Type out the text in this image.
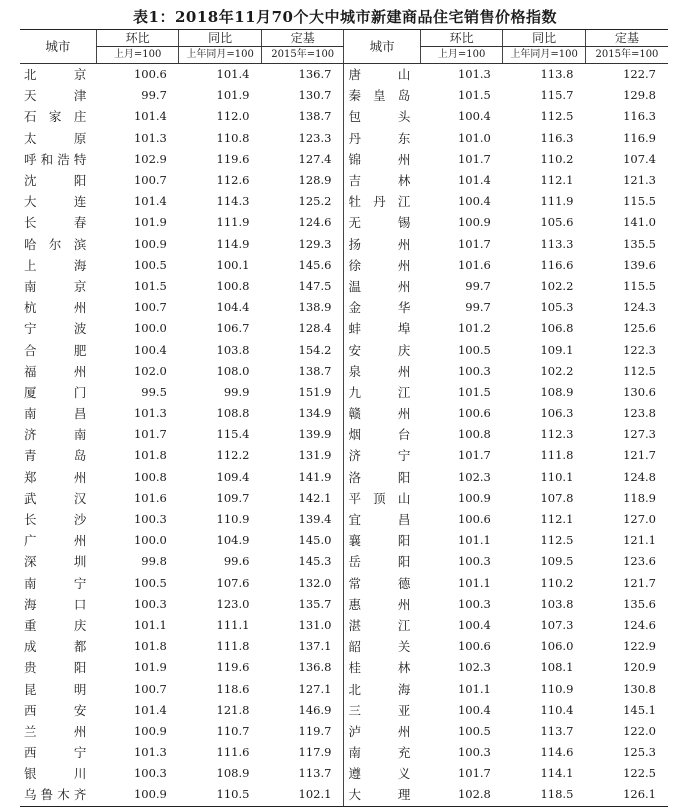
表1：2018年11月70个大中城市新建商品住宅销售价格指数
城市	环比	同比	定基	城市	环比	同比	定基
	上月=100	上年同月=100	2015年=100		上月=100	上年同月=100	2015年=100
北京	100.6	101.4	136.7	唐山	101.3	113.8	122.7
天津	99.7	101.9	130.7	秦皇岛	101.5	115.7	129.8
石家庄	101.4	112.0	138.7	包头	100.4	112.5	116.3
太原	101.3	110.8	123.3	丹东	101.0	116.3	116.9
呼和浩特	102.9	119.6	127.4	锦州	101.7	110.2	107.4
沈阳	100.7	112.6	128.9	吉林	101.4	112.1	121.3
大连	101.4	114.3	125.2	牡丹江	100.4	111.9	115.5
长春	101.9	111.9	124.6	无锡	100.9	105.6	141.0
哈尔滨	100.9	114.9	129.3	扬州	101.7	113.3	135.5
上海	100.5	100.1	145.6	徐州	101.6	116.6	139.6
南京	101.5	100.8	147.5	温州	99.7	102.2	115.5
杭州	100.7	104.4	138.9	金华	99.7	105.3	124.3
宁波	100.0	106.7	128.4	蚌埠	101.2	106.8	125.6
合肥	100.4	103.8	154.2	安庆	100.5	109.1	122.3
福州	102.0	108.0	138.7	泉州	100.3	102.2	112.5
厦门	99.5	99.9	151.9	九江	101.5	108.9	130.6
南昌	101.3	108.8	134.9	赣州	100.6	106.3	123.8
济南	101.7	115.4	139.9	烟台	100.8	112.3	127.3
青岛	101.8	112.2	131.9	济宁	101.7	111.8	121.7
郑州	100.8	109.4	141.9	洛阳	102.3	110.1	124.8
武汉	101.6	109.7	142.1	平顶山	100.9	107.8	118.9
长沙	100.3	110.9	139.4	宜昌	100.6	112.1	127.0
广州	100.0	104.9	145.0	襄阳	101.1	112.5	121.1
深圳	99.8	99.6	145.3	岳阳	100.3	109.5	123.6
南宁	100.5	107.6	132.0	常德	101.1	110.2	121.7
海口	100.3	123.0	135.7	惠州	100.3	103.8	135.6
重庆	101.1	111.1	131.0	湛江	100.4	107.3	124.6
成都	101.8	111.8	137.1	韶关	100.6	106.0	122.9
贵阳	101.9	119.6	136.8	桂林	102.3	108.1	120.9
昆明	100.7	118.6	127.1	北海	101.1	110.9	130.8
西安	101.4	121.8	146.9	三亚	100.4	110.4	145.1
兰州	100.9	110.7	119.7	泸州	100.5	113.7	122.0
西宁	101.3	111.6	117.9	南充	100.3	114.6	125.3
银川	100.3	108.9	113.7	遵义	101.7	114.1	122.5
乌鲁木齐	100.9	110.5	102.1	大理	102.8	118.5	126.1
